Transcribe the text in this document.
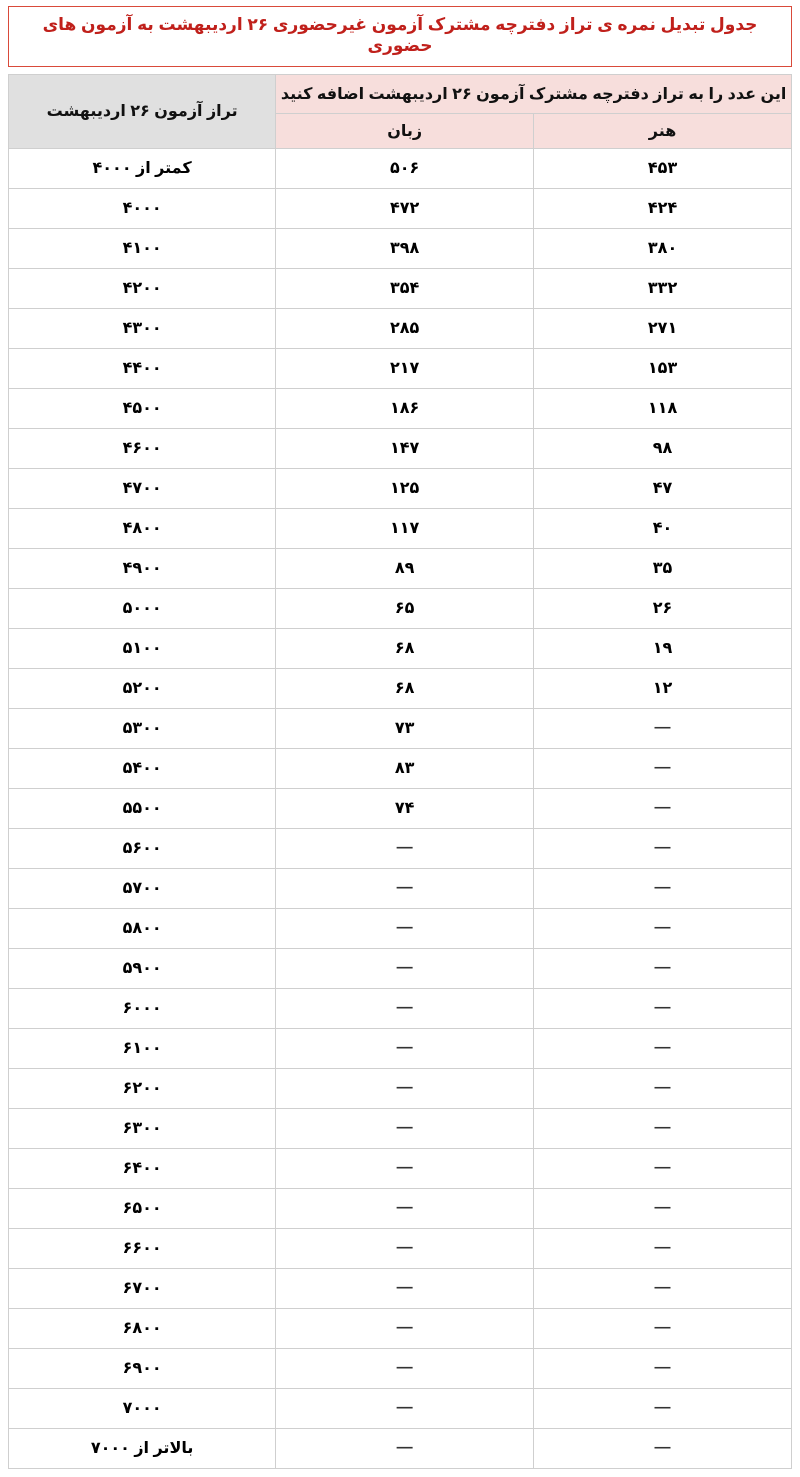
جدول تبدیل نمره ی تراز دفترچه مشترک آزمون غیرحضوری ۲۶ اردیبهشت به آزمون های حضوری
این عدد را به تراز دفترچه مشترک آزمون ۲۶ اردیبهشت اضافه کنید		تراز آزمون ۲۶ اردیبهشت
هنر	زبان	
۴۵۳	۵۰۶	کمتر از ۴۰۰۰
۴۲۴	۴۷۲	۴۰۰۰
۳۸۰	۳۹۸	۴۱۰۰
۳۳۲	۳۵۴	۴۲۰۰
۲۷۱	۲۸۵	۴۳۰۰
۱۵۳	۲۱۷	۴۴۰۰
۱۱۸	۱۸۶	۴۵۰۰
۹۸	۱۴۷	۴۶۰۰
۴۷	۱۲۵	۴۷۰۰
۴۰	۱۱۷	۴۸۰۰
۳۵	۸۹	۴۹۰۰
۲۶	۶۵	۵۰۰۰
۱۹	۶۸	۵۱۰۰
۱۲	۶۸	۵۲۰۰
—	۷۳	۵۳۰۰
—	۸۳	۵۴۰۰
—	۷۴	۵۵۰۰
—	—	۵۶۰۰
—	—	۵۷۰۰
—	—	۵۸۰۰
—	—	۵۹۰۰
—	—	۶۰۰۰
—	—	۶۱۰۰
—	—	۶۲۰۰
—	—	۶۳۰۰
—	—	۶۴۰۰
—	—	۶۵۰۰
—	—	۶۶۰۰
—	—	۶۷۰۰
—	—	۶۸۰۰
—	—	۶۹۰۰
—	—	۷۰۰۰
—	—	بالاتر از ۷۰۰۰
